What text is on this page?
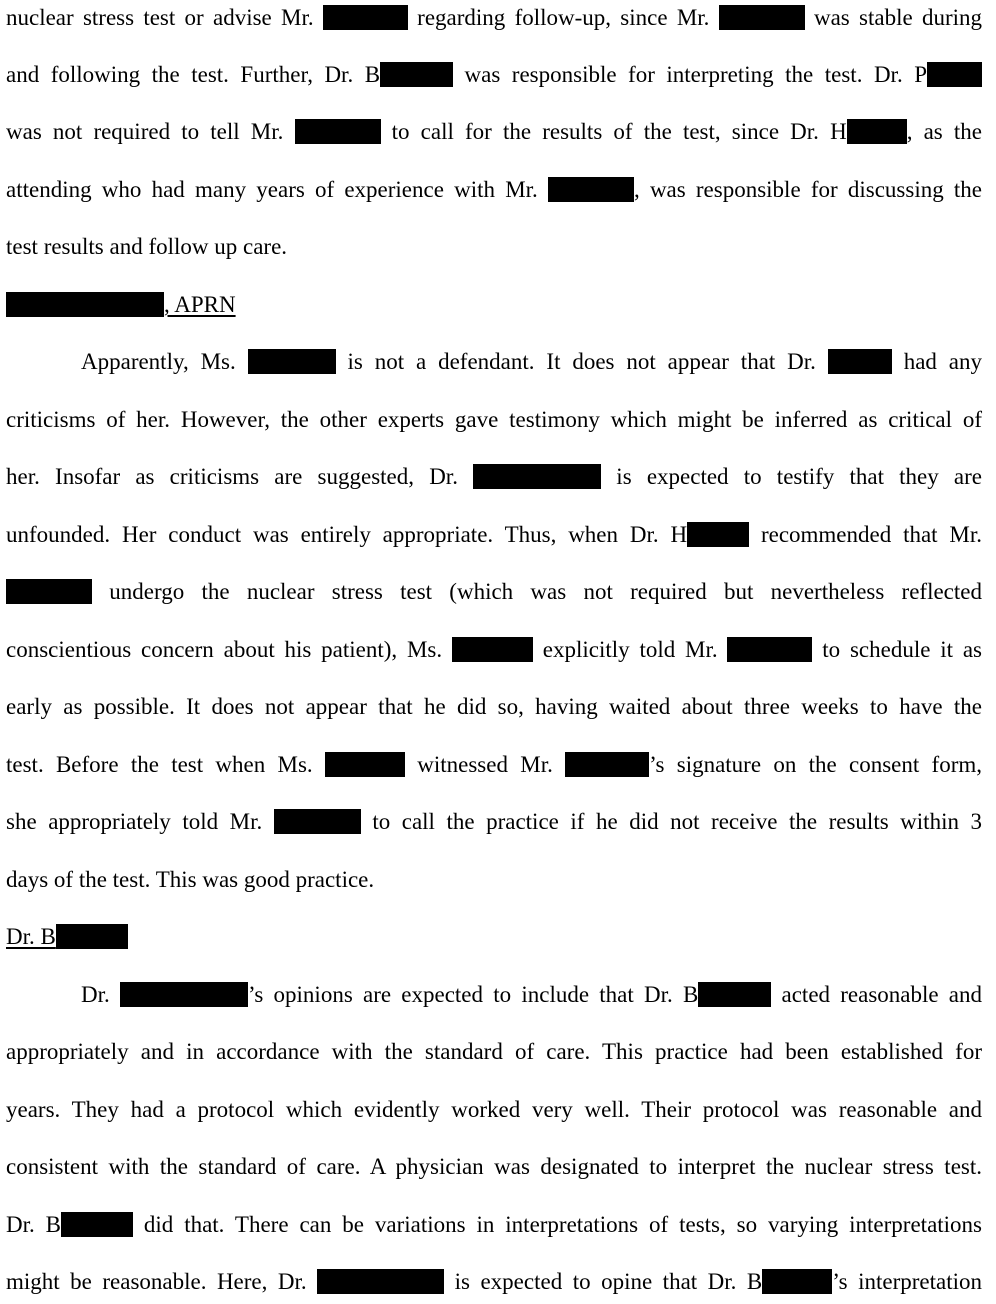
nuclear stress test or advise Mr.	regarding follow-up, since Mr.	was stable during
and following the test. Further, Dr. B	was responsible for interpreting the test. Dr. P
was not required to tell Mr.	to call for the results of the test, since Dr. H	, as the
attending who had many years of experience with Mr.	, was responsible for discussing the
test results and follow up care.
, APRN
Apparently, Ms.	is not a defendant. It does not appear that Dr.	had any
criticisms of her. However, the other experts gave testimony which might be inferred as critical of
her. Insofar as criticisms are suggested, Dr.	is expected to testify that they are
unfounded. Her conduct was entirely appropriate. Thus, when Dr. H	recommended that Mr.
undergo the nuclear stress test (which was not required but nevertheless reflected
conscientious concern about his patient), Ms.	explicitly told Mr.	to schedule it as
early as possible. It does not appear that he did so, having waited about three weeks to have the
test. Before the test when Ms.	witnessed Mr.	’s signature on the consent form,
she appropriately told Mr.	to call the practice if he did not receive the results within 3
days of the test. This was good practice.
Dr. B
Dr.	’s opinions are expected to include that Dr. B	acted reasonable and
appropriately and in accordance with the standard of care. This practice had been established for
years. They had a protocol which evidently worked very well. Their protocol was reasonable and
consistent with the standard of care. A physician was designated to interpret the nuclear stress test.
Dr. B	did that. There can be variations in interpretations of tests, so varying interpretations
might be reasonable. Here, Dr.	is expected to opine that Dr. B	’s interpretation
